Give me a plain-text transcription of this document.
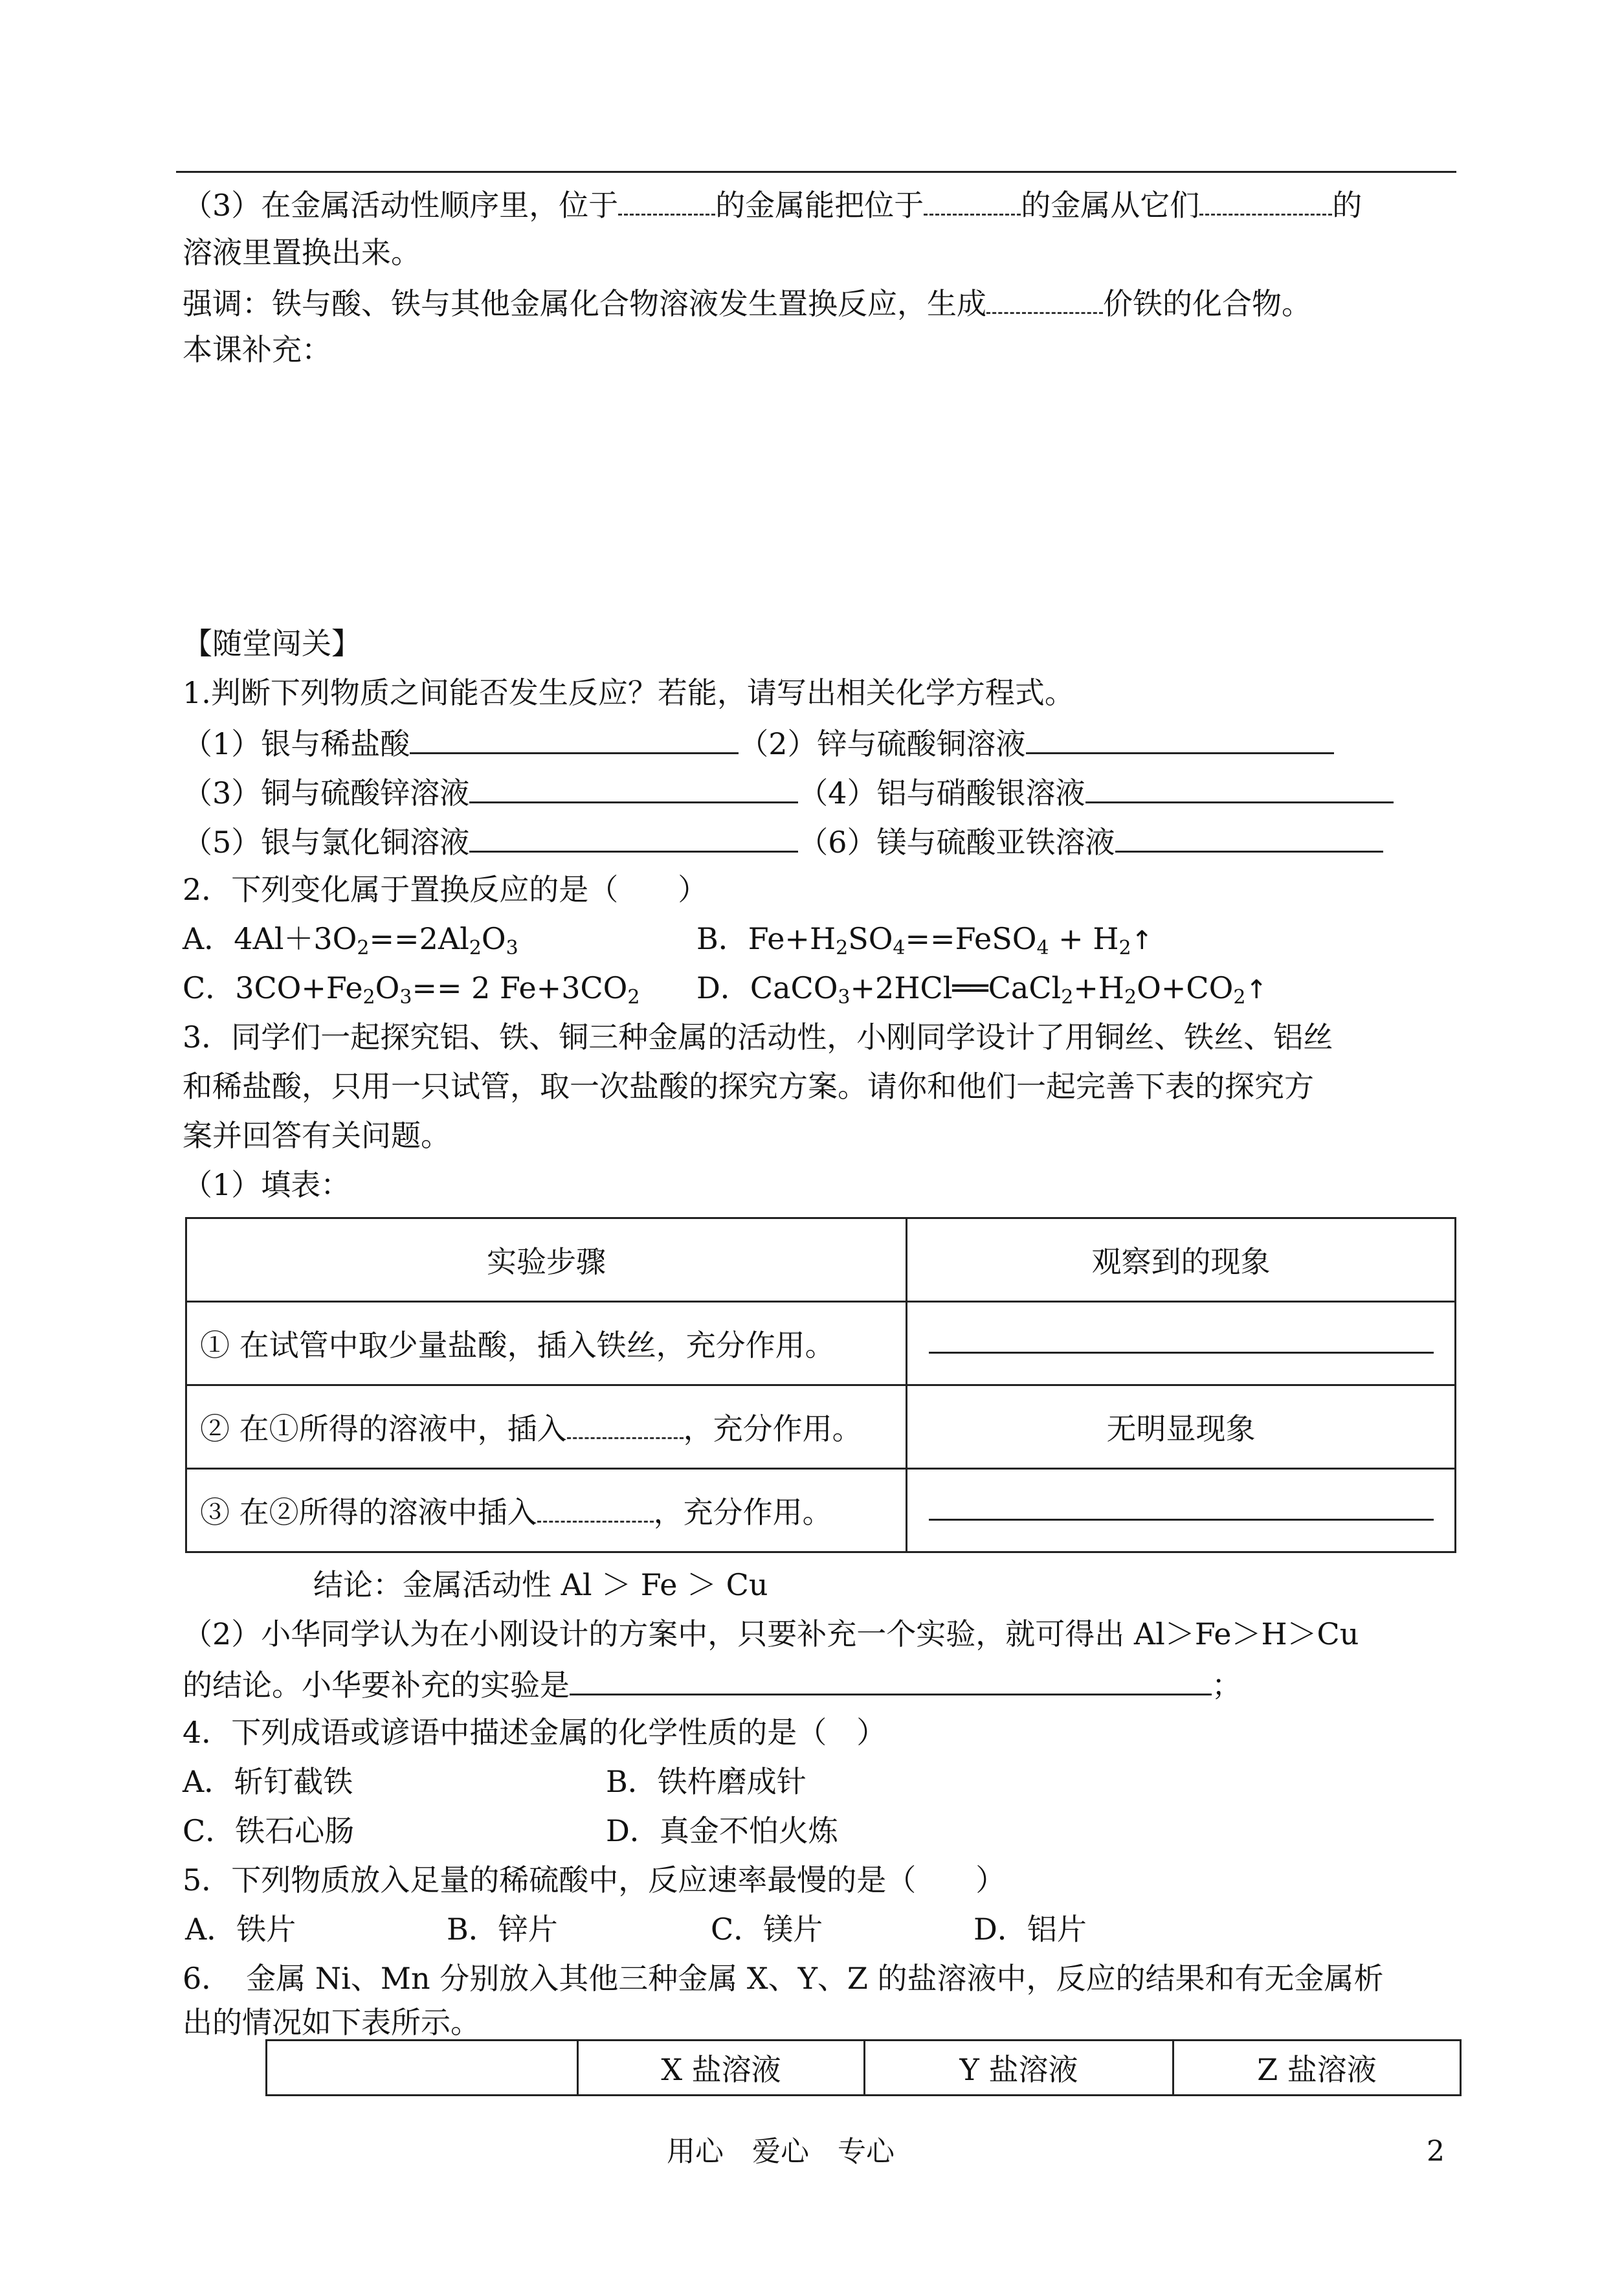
（3）在金属活动性顺序里，位于	的金属能把位于	的金属从它们	的
溶液里置换出来。
强调：铁与酸、铁与其他金属化合物溶液发生置换反应，生成	价铁的化合物。
本课补充：
【随堂闯关】
1.判断下列物质之间能否发生反应？若能，请写出相关化学方程式。
（1）银与稀盐酸	（2）锌与硫酸铜溶液
（3）铜与硫酸锌溶液	（4）铝与硝酸银溶液
（5）银与氯化铜溶液	（6）镁与硫酸亚铁溶液
2．下列变化属于置换反应的是（　　）
A．$4Al+3O_2==2Al_2O_3$	B．$Fe+H_2SO_4==FeSO_4$ + $H_2↑$
C．$3CO+Fe_2O_3== 2$ $Fe+3CO_2$ D．$CaCO_3+2HCl══CaCl_2+H_2O+CO_2↑$
3．同学们一起探究铝、铁、铜三种金属的活动性，小刚同学设计了用铜丝、铁丝、铝丝
和稀盐酸，只用一只试管，取一次盐酸的探究方案。请你和他们一起完善下表的探究方
案并回答有关问题。
（1）填表：
实验步骤	观察到的现象
① 在试管中取少量盐酸，插入铁丝，充分作用。	
② 在①所得的溶液中，插入 ，充分作用。	无明显现象
③ 在②所得的溶液中插入 ，充分作用。	
结论：金属活动性 Al ＞ Fe ＞ Cu
（2）小华同学认为在小刚设计的方案中，只要补充一个实验，就可得出 Al＞Fe＞H＞Cu
的结论。小华要补充的实验是	；
4．下列成语或谚语中描述金属的化学性质的是（　）
A．斩钉截铁	B．铁杵磨成针
C．铁石心肠	D．真金不怕火炼
5．下列物质放入足量的稀硫酸中，反应速率最慢的是（　　）
A．铁片	B．锌片	C．镁片	D．铝片
6．　金属 Ni、Mn 分别放入其他三种金属 X、Y、Z 的盐溶液中，反应的结果和有无金属析
出的情况如下表所示。
	X 盐溶液	Y 盐溶液	Z 盐溶液
用心　爱心　专心	2
